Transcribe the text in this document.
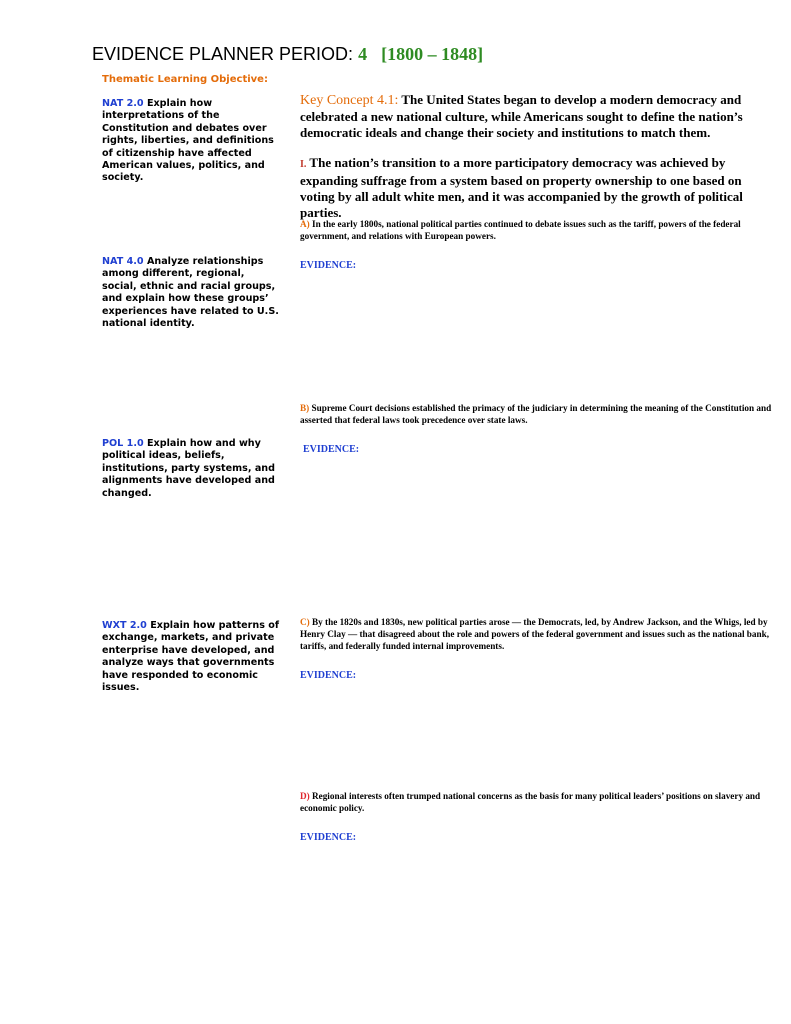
EVIDENCE PLANNER PERIOD: 4 [1800 – 1848]
Thematic Learning Objective:
NAT 2.0 Explain how interpretations of the Constitution and debates over rights, liberties, and definitions of citizenship have affected American values, politics, and society.
NAT 4.0 Analyze relationships among different, regional, social, ethnic and racial groups, and explain how these groups’ experiences have related to U.S. national identity.
POL 1.0 Explain how and why political ideas, beliefs, institutions, party systems, and alignments have developed and changed.
WXT 2.0 Explain how patterns of exchange, markets, and private enterprise have developed, and analyze ways that governments have responded to economic issues.
Key Concept 4.1: The United States began to develop a modern democracy and celebrated a new national culture, while Americans sought to define the nation’s democratic ideals and change their society and institutions to match them.
I. The nation’s transition to a more participatory democracy was achieved by expanding suffrage from a system based on property ownership to one based on voting by all adult white men, and it was accompanied by the growth of political parties.
A) In the early 1800s, national political parties continued to debate issues such as the tariff, powers of the federal government, and relations with European powers.
EVIDENCE:
B) Supreme Court decisions established the primacy of the judiciary in determining the meaning of the Constitution and asserted that federal laws took precedence over state laws.
EVIDENCE:
C) By the 1820s and 1830s, new political parties arose — the Democrats, led, by Andrew Jackson, and the Whigs, led by Henry Clay — that disagreed about the role and powers of the federal government and issues such as the national bank, tariffs, and federally funded internal improvements.
EVIDENCE:
D) Regional interests often trumped national concerns as the basis for many political leaders’ positions on slavery and economic policy.
EVIDENCE:
